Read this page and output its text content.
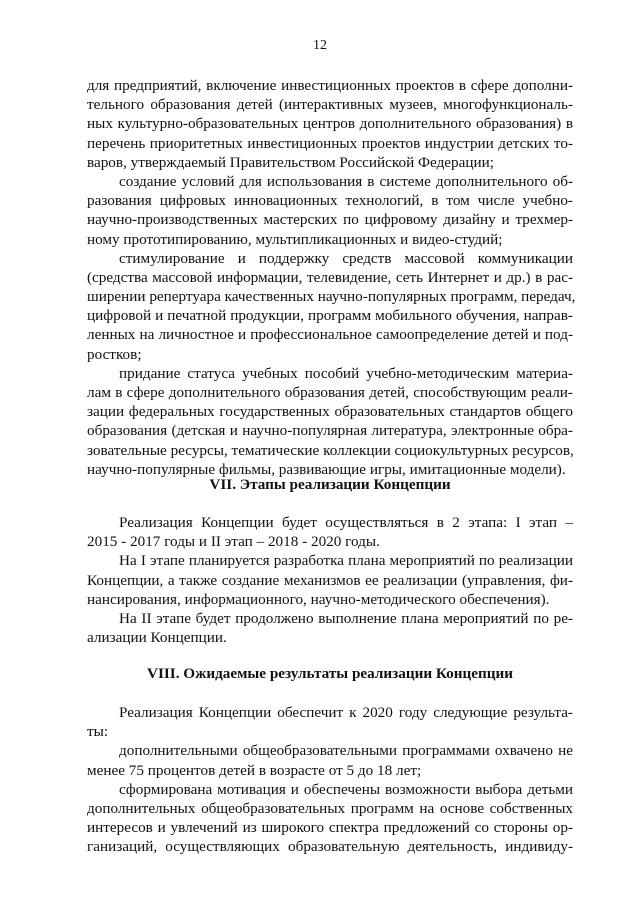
12
для предприятий, включение инвестиционных проектов в сфере дополни-
тельного образования детей (интерактивных музеев, многофункциональ-
ных культурно-образовательных центров дополнительного образования) в
перечень приоритетных инвестиционных проектов индустрии детских то-
варов, утверждаемый Правительством Российской Федерации;
создание условий для использования в системе дополнительного об-
разования цифровых инновационных технологий, в том числе учебно-
научно-производственных мастерских по цифровому дизайну и трехмер-
ному прототипированию, мультипликационных и видео-студий;
стимулирование и поддержку средств массовой коммуникации
(средства массовой информации, телевидение, сеть Интернет и др.) в рас-
ширении репертуара качественных научно-популярных программ, передач,
цифровой и печатной продукции, программ мобильного обучения, направ-
ленных на личностное и профессиональное самоопределение детей и под-
ростков;
придание статуса учебных пособий учебно-методическим материа-
лам в сфере дополнительного образования детей, способствующим реали-
зации федеральных государственных образовательных стандартов общего
образования (детская и научно-популярная литература, электронные обра-
зовательные ресурсы, тематические коллекции социокультурных ресурсов,
научно-популярные фильмы, развивающие игры, имитационные модели).
VII. Этапы реализации Концепции
Реализация Концепции будет осуществляться в 2 этапа: I этап –
2015 - 2017 годы и II этап – 2018 - 2020 годы.
На I этапе планируется разработка плана мероприятий по реализации
Концепции, а также создание механизмов ее реализации (управления, фи-
нансирования, информационного, научно-методического обеспечения).
На II этапе будет продолжено выполнение плана мероприятий по ре-
ализации Концепции.
VIII. Ожидаемые результаты реализации Концепции
Реализация Концепции обеспечит к 2020 году следующие результа-
ты:
дополнительными общеобразовательными программами охвачено не
менее 75 процентов детей в возрасте от 5 до 18 лет;
сформирована мотивация и обеспечены возможности выбора детьми
дополнительных общеобразовательных программ на основе собственных
интересов и увлечений из широкого спектра предложений со стороны ор-
ганизаций, осуществляющих образовательную деятельность, индивиду-
